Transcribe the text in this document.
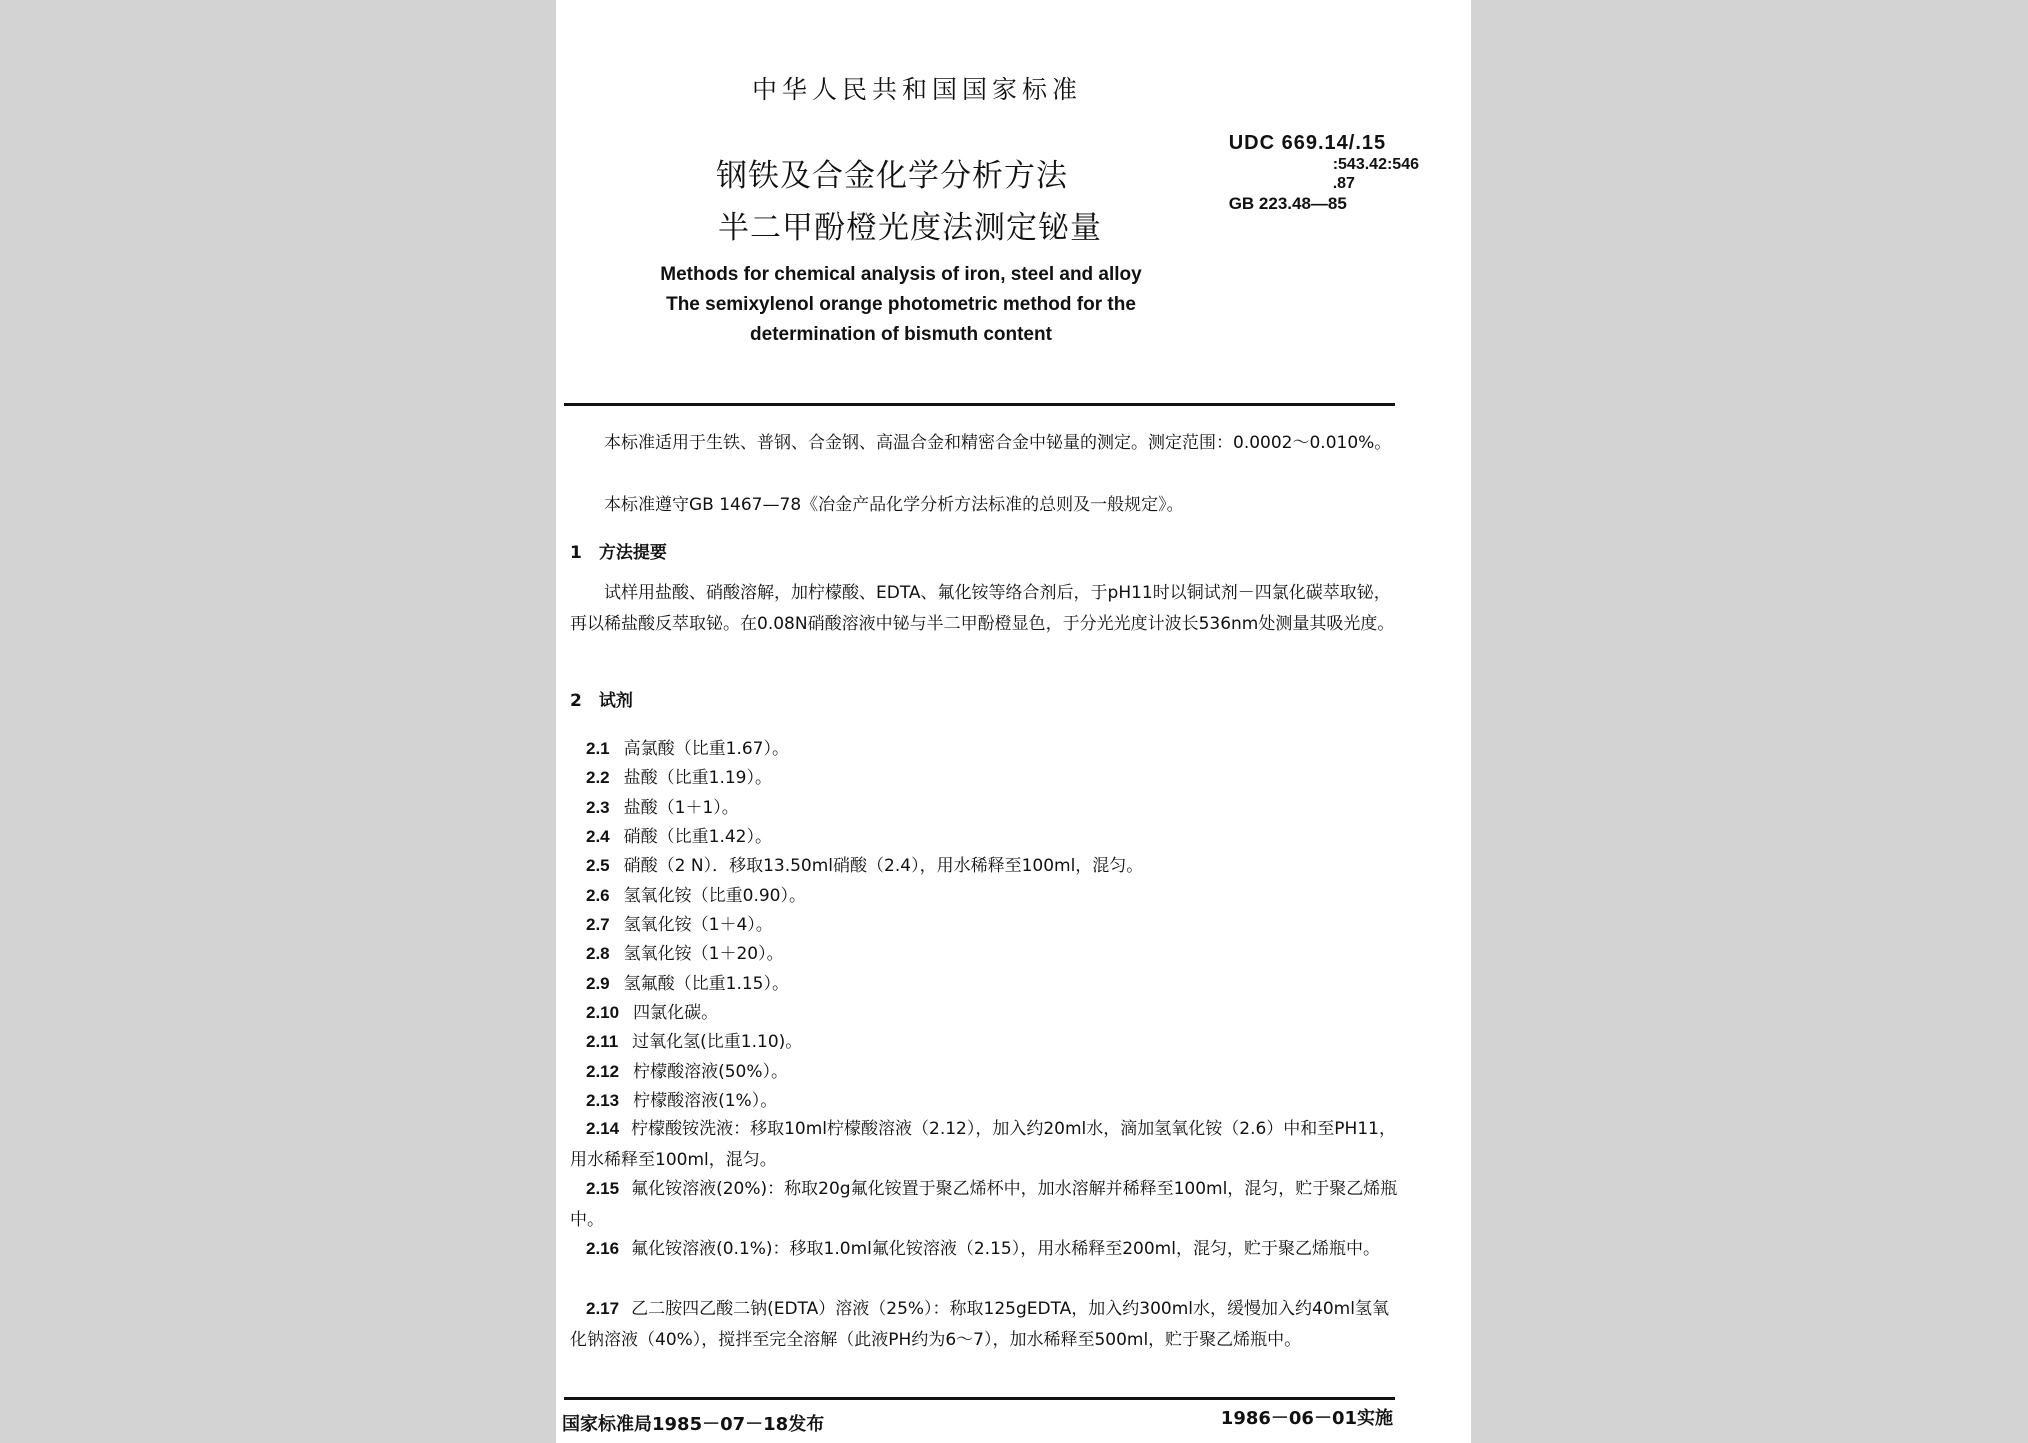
中华人民共和国国家标准
钢铁及合金化学分析方法
半二甲酚橙光度法测定铋量
UDC 669.14/.15
:543.42:546
.87
GB 223.48—85
Methods for chemical analysis of iron, steel and alloy
The semixylenol orange photometric method for the
determination of bismuth content
本标准适用于生铁、普钢、合金钢、高温合金和精密合金中铋量的测定。测定范围：0.0002～0.010%。
本标准遵守GB 1467—78《冶金产品化学分析方法标准的总则及一般规定》。
1　方法提要
试样用盐酸、硝酸溶解，加柠檬酸、EDTA、氟化铵等络合剂后，于pH11时以铜试剂－四氯化碳萃取铋，再以稀盐酸反萃取铋。在0.08N硝酸溶液中铋与半二甲酚橙显色，于分光光度计波长536nm处测量其吸光度。
2　试剂
2.1 高氯酸（比重1.67）。
2.2 盐酸（比重1.19）。
2.3 盐酸（1＋1）。
2.4 硝酸（比重1.42）。
2.5 硝酸（2 N）．移取13.50ml硝酸（2.4），用水稀释至100ml，混匀。
2.6 氢氧化铵（比重0.90）。
2.7 氢氧化铵（1＋4）。
2.8 氢氧化铵（1＋20）。
2.9 氢氟酸（比重1.15）。
2.10 四氯化碳。
2.11 过氧化氢(比重1.10)。
2.12 柠檬酸溶液(50%）。
2.13 柠檬酸溶液(1%）。
2.14 柠檬酸铵洗液：移取10ml柠檬酸溶液（2.12），加入约20ml水，滴加氢氧化铵（2.6）中和至PH11，用水稀释至100ml，混匀。
2.15 氟化铵溶液(20%)：称取20g氟化铵置于聚乙烯杯中，加水溶解并稀释至100ml，混匀，贮于聚乙烯瓶中。
2.16 氟化铵溶液(0.1%)：移取1.0ml氟化铵溶液（2.15），用水稀释至200ml，混匀，贮于聚乙烯瓶中。
2.17 乙二胺四乙酸二钠(EDTA）溶液（25%）：称取125gEDTA，加入约300ml水，缓慢加入约40ml氢氧化钠溶液（40%），搅拌至完全溶解（此液PH约为6～7），加水稀释至500ml，贮于聚乙烯瓶中。
国家标准局1985－07－18发布	1986－06－01实施
